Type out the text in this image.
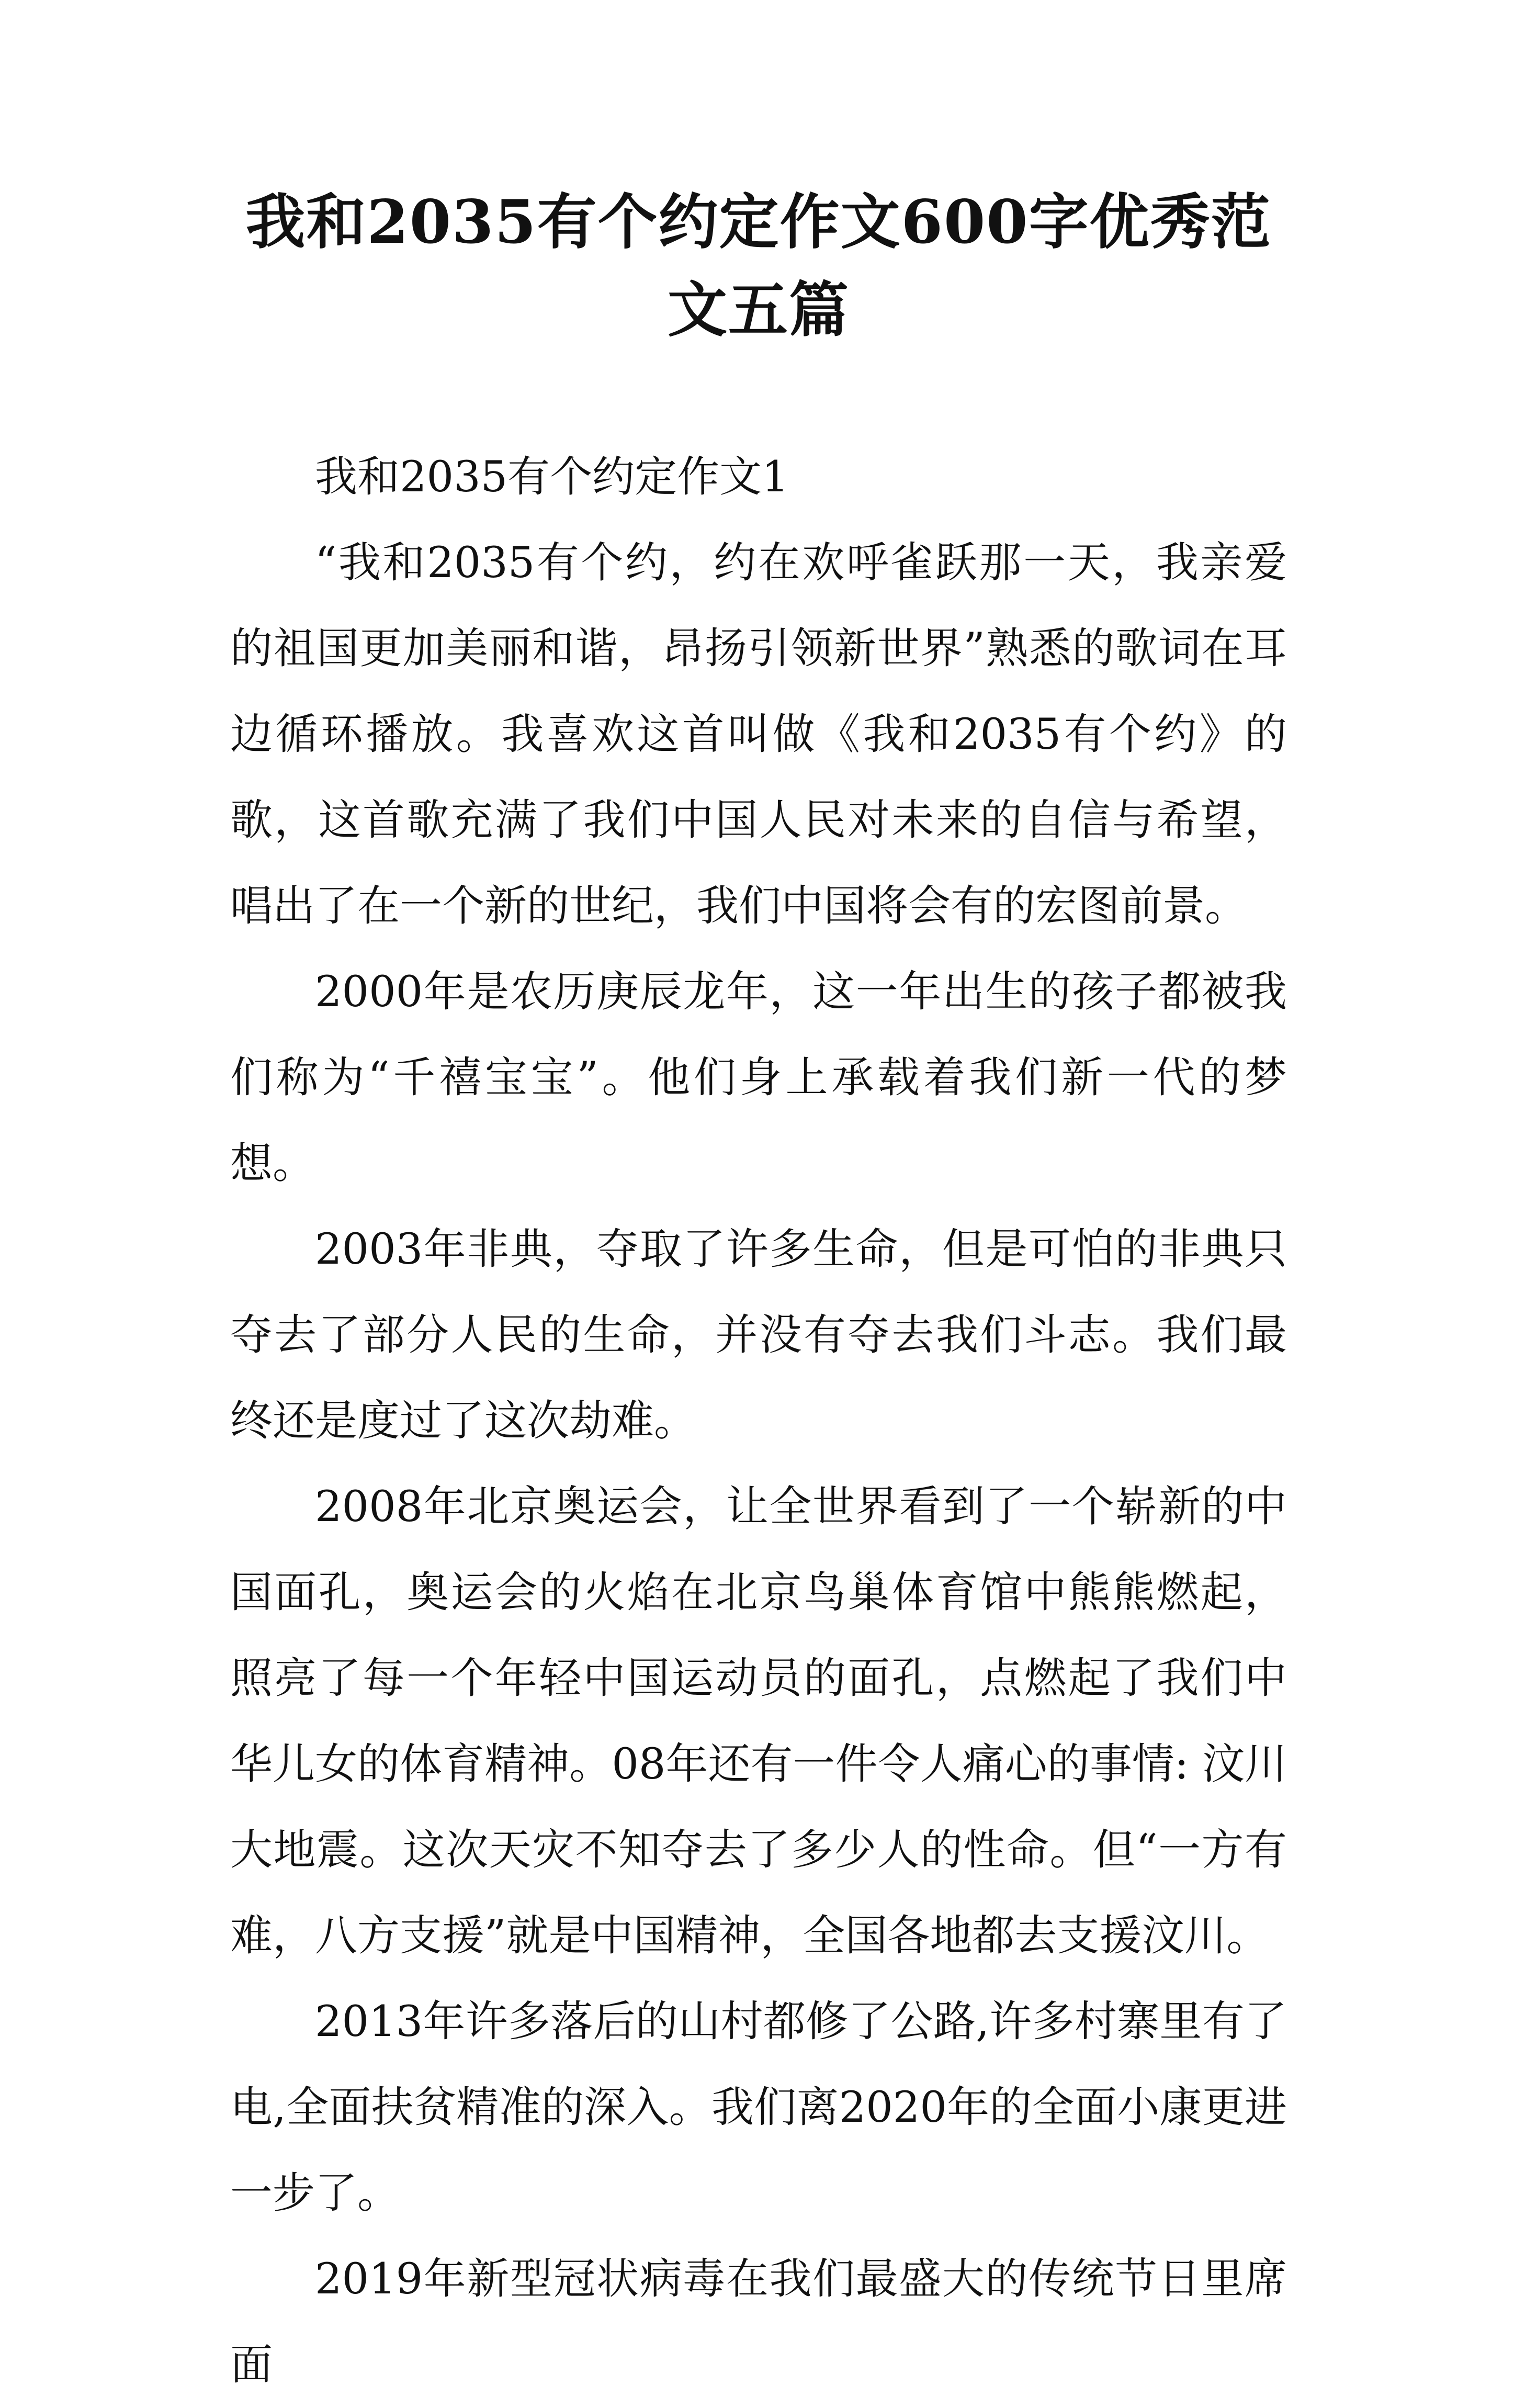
我和2035有个约定作文600字优秀范文五篇

我和2035有个约定作文1

“我和2035有个约，约在欢呼雀跃那一天，我亲爱的祖国更加美丽和谐，昂扬引领新世界”熟悉的歌词在耳边循环播放。我喜欢这首叫做《我和2035有个约》的歌，这首歌充满了我们中国人民对未来的自信与希望，唱出了在一个新的世纪，我们中国将会有的宏图前景。

2000年是农历庚辰龙年，这一年出生的孩子都被我们称为“千禧宝宝”。他们身上承载着我们新一代的梦想。

2003年非典，夺取了许多生命，但是可怕的非典只夺去了部分人民的生命，并没有夺去我们斗志。我们最终还是度过了这次劫难。

2008年北京奥运会，让全世界看到了一个崭新的中国面孔，奥运会的火焰在北京鸟巢体育馆中熊熊燃起，照亮了每一个年轻中国运动员的面孔，点燃起了我们中华儿女的体育精神。08年还有一件令人痛心的事情: 汶川大地震。这次天灾不知夺去了多少人的性命。但“一方有难，八方支援”就是中国精神，全国各地都去支援汶川。

2013年许多落后的山村都修了公路,许多村寨里有了电,全面扶贫精准的深入。我们离2020年的全面小康更进一步了。

2019年新型冠状病毒在我们最盛大的传统节日里席面
